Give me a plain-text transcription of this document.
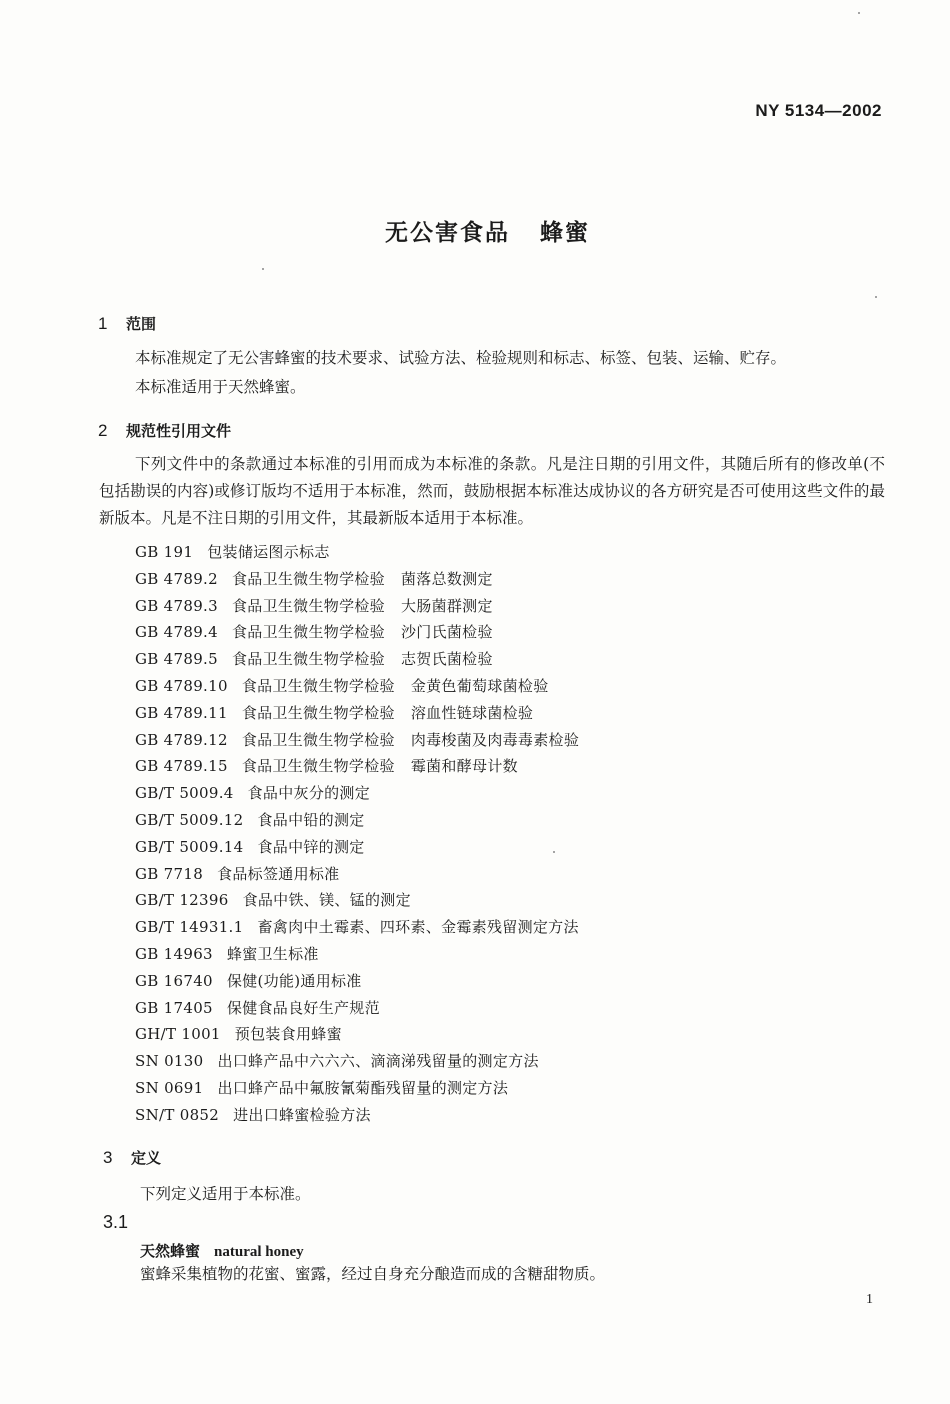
NY 5134—2002
无公害食品 蜂蜜
1 范围
本标准规定了无公害蜂蜜的技术要求、试验方法、检验规则和标志、标签、包装、运输、贮存。
本标准适用于天然蜂蜜。
2 规范性引用文件
下列文件中的条款通过本标准的引用而成为本标准的条款。凡是注日期的引用文件，其随后所有的修改单(不包括勘误的内容)或修订版均不适用于本标准，然而，鼓励根据本标准达成协议的各方研究是否可使用这些文件的最新版本。凡是不注日期的引用文件，其最新版本适用于本标准。
GB 191 包装储运图示标志
GB 4789.2 食品卫生微生物学检验 菌落总数测定
GB 4789.3 食品卫生微生物学检验 大肠菌群测定
GB 4789.4 食品卫生微生物学检验 沙门氏菌检验
GB 4789.5 食品卫生微生物学检验 志贺氏菌检验
GB 4789.10 食品卫生微生物学检验 金黄色葡萄球菌检验
GB 4789.11 食品卫生微生物学检验 溶血性链球菌检验
GB 4789.12 食品卫生微生物学检验 肉毒梭菌及肉毒毒素检验
GB 4789.15 食品卫生微生物学检验 霉菌和酵母计数
GB/T 5009.4 食品中灰分的测定
GB/T 5009.12 食品中铅的测定
GB/T 5009.14 食品中锌的测定
GB 7718 食品标签通用标准
GB/T 12396 食品中铁、镁、锰的测定
GB/T 14931.1 畜禽肉中土霉素、四环素、金霉素残留测定方法
GB 14963 蜂蜜卫生标准
GB 16740 保健(功能)通用标准
GB 17405 保健食品良好生产规范
GH/T 1001 预包装食用蜂蜜
SN 0130 出口蜂产品中六六六、滴滴涕残留量的测定方法
SN 0691 出口蜂产品中氟胺氰菊酯残留量的测定方法
SN/T 0852 进出口蜂蜜检验方法
3 定义
下列定义适用于本标准。
3.1
天然蜂蜜 natural honey
蜜蜂采集植物的花蜜、蜜露，经过自身充分酿造而成的含糖甜物质。
1
